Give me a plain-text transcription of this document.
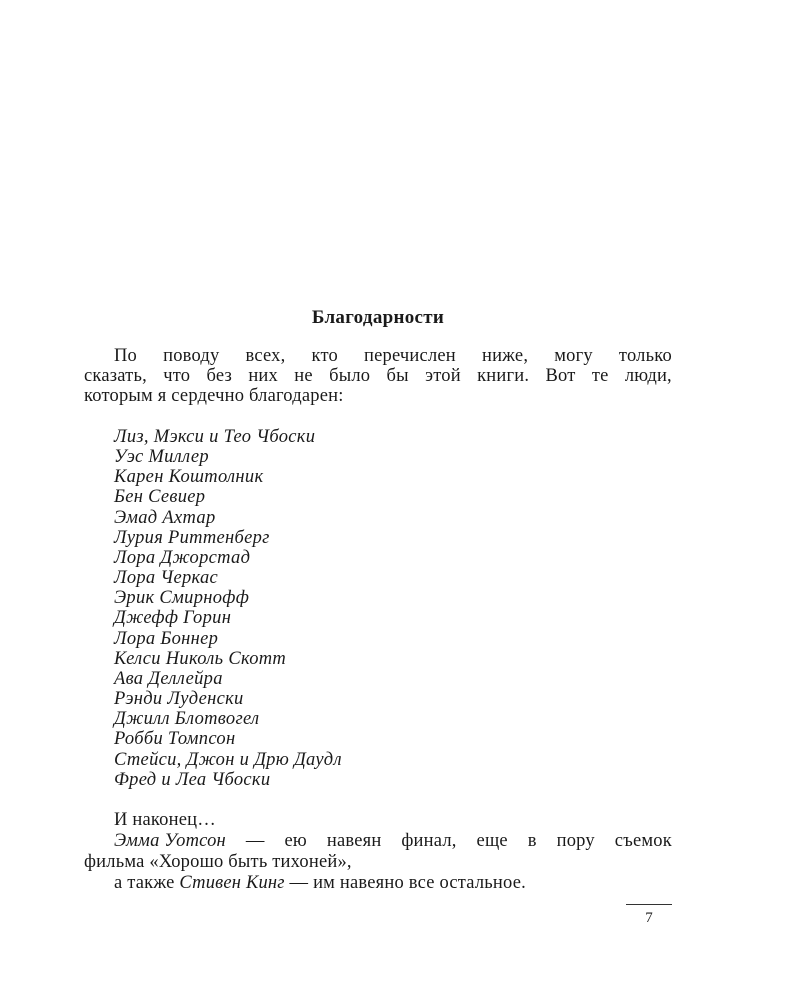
Благодарности
По поводу всех, кто перечислен ниже, могу только
сказать, что без них не было бы этой книги. Вот те люди,
которым я сердечно благодарен:
Лиз, Мэкси и Тео Чбоски
Уэс Миллер
Карен Коштолник
Бен Севиер
Эмад Ахтар
Лурия Риттенберг
Лора Джорстад
Лора Черкас
Эрик Смирнофф
Джефф Горин
Лора Боннер
Келси Николь Скотт
Ава Деллейра
Рэнди Луденски
Джилл Блотвогел
Робби Томпсон
Стейси, Джон и Дрю Даудл
Фред и Леа Чбоски
И наконец…
Эмма Уотсон — ею навеян финал, еще в пору съемок
фильма «Хорошо быть тихоней»,
а также Стивен Кинг — им навеяно все остальное.
7
